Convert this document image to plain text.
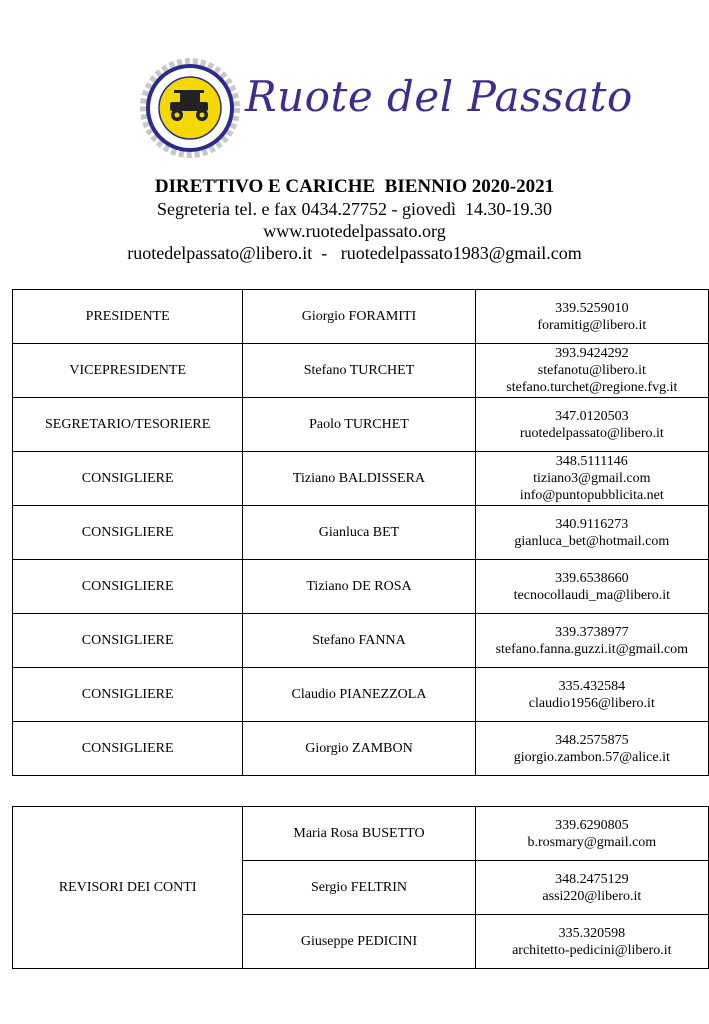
Ruote del Passato
DIRETTIVO E CARICHE  BIENNIO 2020-2021
Segreteria tel. e fax 0434.27752 - giovedì  14.30-19.30
www.ruotedelpassato.org
ruotedelpassato@libero.it  -   ruotedelpassato1983@gmail.com
PRESIDENTE	Giorgio FORAMITI	339.5259010
foramitig@libero.it

VICEPRESIDENTE	Stefano TURCHET	393.9424292
stefanotu@libero.it
stefano.turchet@regione.fvg.it

SEGRETARIO/TESORIERE	Paolo TURCHET	347.0120503
ruotedelpassato@libero.it

CONSIGLIERE	Tiziano BALDISSERA	348.5111146
tiziano3@gmail.com
info@puntopubblicita.net

CONSIGLIERE	Gianluca BET	340.9116273
gianluca_bet@hotmail.com

CONSIGLIERE	Tiziano DE ROSA	339.6538660
tecnocollaudi_ma@libero.it

CONSIGLIERE	Stefano FANNA	339.3738977
stefano.fanna.guzzi.it@gmail.com

CONSIGLIERE	Claudio PIANEZZOLA	335.432584
claudio1956@libero.it

CONSIGLIERE	Giorgio ZAMBON	348.2575875
giorgio.zambon.57@alice.it
REVISORI DEI CONTI	Maria Rosa BUSETTO	339.6290805
b.rosmary@gmail.com

	Sergio FELTRIN	348.2475129
assi220@libero.it

	Giuseppe PEDICINI	335.320598
architetto-pedicini@libero.it
